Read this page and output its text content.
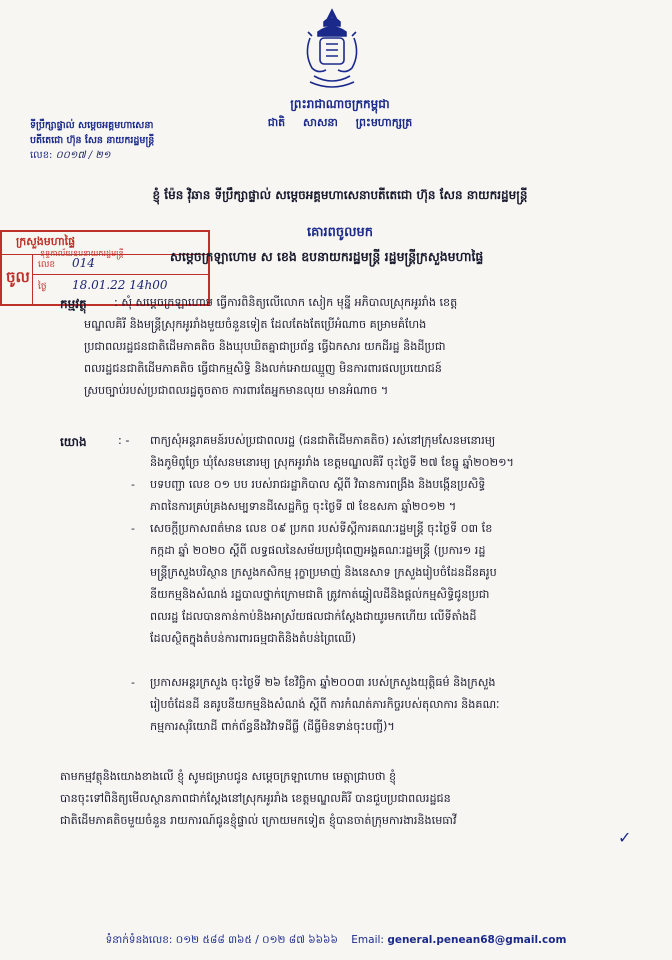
ព្រះរាជាណាចក្រកម្ពុជា
ជាតិ សាសនា ព្រះមហាក្សត្រ
ទីប្រឹក្សាផ្ទាល់ សម្តេចអគ្គមហាសេនា
បតីតេជោ ហ៊ុន សែន នាយករដ្ឋមន្ត្រី
លេខ: ០០១៧ / ២១
ខ្ញុំ ម៉ែន វ៉ិឆាន ទីប្រឹក្សាផ្ទាល់ សម្តេចអគ្គមហាសេនាបតីតេជោ ហ៊ុន សែន នាយករដ្ឋមន្ត្រី
គោរពចូលមក
ក្រសួងមហាផ្ទៃ
ខុទ្ទកាល័យឧបនាយករដ្ឋមន្ត្រី
ចូល
លេខ 014
ថ្ងៃ 18.01.22 14h00
សម្តេចក្រឡាហោម ស ខេង ឧបនាយករដ្ឋមន្ត្រី រដ្ឋមន្ត្រីក្រសួងមហាផ្ទៃ
កម្មវត្ថុ : សុំ សម្តេចក្រឡាហោម ធ្វើការពិនិត្យលើលោក សៀក មុន្នី អភិបាលស្រុកអូររាំង ខេត្ត
មណ្ឌលគិរី និងមន្ត្រីស្រុកអូររាំងមួយចំនួនទៀត ដែលតែងតែប្រើអំណាច គម្រាមគំហែង
ប្រជាពលរដ្ឋជនជាតិដើមភាគតិច និងឃុបឃិតគ្នាជាប្រព័ន្ធ ធ្វើឯកសារ យកដីរដ្ឋ និងដីប្រជា
ពលរដ្ឋជនជាតិដើមភាគតិច ធ្វើជាកម្មសិទ្ធិ និងលក់អោយឈ្មួញ មិនការពារផលប្រយោជន៍
ស្របច្បាប់របស់ប្រជាពលរដ្ឋតូចតាច ការពារតែអ្នកមានលុយ មានអំណាច ។
យោង	: - ពាក្យសុំអន្តរាគមន៍របស់ប្រជាពលរដ្ឋ (ជនជាតិដើមភាគតិច) រស់នៅក្រុមសែនមនោរម្យ
និងភូមិពូច្រែ ឃុំសែនមនោរម្យ ស្រុកអូររាំង ខេត្តមណ្ឌលគិរី ចុះថ្ងៃទី ២៧ ខែធ្នូ ឆ្នាំ២០២១។
- បទបញ្ជា លេខ ០១ បប របស់រាជរដ្ឋាភិបាល ស្តីពី វិធានការពង្រឹង និងបង្កើនប្រសិទ្ធិ
ភាពនៃការគ្រប់គ្រងសម្បទានដីសេដ្ឋកិច្ច ចុះថ្ងៃទី ៧ ខែឧសភា ឆ្នាំ២០១២ ។
- សេចក្តីប្រកាសពត៌មាន លេខ ០៩ ប្រកព របស់ទីស្តីការគណៈរដ្ឋមន្ត្រី ចុះថ្ងៃទី ០៣ ខែ
កក្កដា ឆ្នាំ ២០២០ ស្តីពី លទ្ធផលនៃសម័យប្រជុំពេញអង្គគណៈរដ្ឋមន្ត្រី (ប្រការ១ រដ្ឋ
មន្ត្រីក្រសួងបរិស្ថាន ក្រសួងកសិកម្ម រុក្ខាប្រមាញ់ និងនេសាទ ក្រសួងរៀបចំដែនដីនគរូប
នីយកម្មនិងសំណង់ រដ្ឋបាលថ្នាក់ក្រោមជាតិ ត្រូវកាត់ឆ្វៀលដីនិងផ្តល់កម្មសិទ្ធិជូនប្រជា
ពលរដ្ឋ ដែលបានកាន់កាប់និងអាស្រ័យផលជាក់ស្តែងជាយូរមកហើយ លើទីតាំងដី
ដែលស្ថិតក្នុងតំបន់ការពារធម្មជាតិនិងតំបន់ព្រៃឈើ)
- ប្រកាសអន្តរក្រសួង ចុះថ្ងៃទី ២៦ ខែវិច្ឆិកា ឆ្នាំ២០០៣ របស់ក្រសួងយុត្តិធម៌ និងក្រសួង
រៀបចំដែនដី នគរូបនីយកម្មនិងសំណង់ ស្តីពី ការកំណត់ភារកិច្ចរបស់តុលាការ និងគណៈ
កម្មការសុរិយោដី ពាក់ព័ន្ធនឹងវិវាទដីធ្លី (ដីធ្លីមិនទាន់ចុះបញ្ជី)។
តាមកម្មវត្ថុនិងយោងខាងលើ ខ្ញុំ សូមជម្រាបជូន សម្តេចក្រឡាហោម មេត្តាជ្រាបថា ខ្ញុំ
បានចុះទៅពិនិត្យមើលស្ថានភាពជាក់ស្តែងនៅស្រុកអូររាំង ខេត្តមណ្ឌលគិរី បានជួបប្រជាពលរដ្ឋជន
ជាតិដើមភាគតិចមួយចំនួន រាយការណ៍ជូនខ្ញុំផ្ទាល់ ក្រោយមកទៀត ខ្ញុំបានចាត់ក្រុមការងារនិងមេធាវី
✓
ទំនាក់ទំនងលេខ: ០១២ ៥៨៨ ៣៦៥ / ០១២ ៨៧ ៦៦៦៦ Email: general.penean68@gmail.com
